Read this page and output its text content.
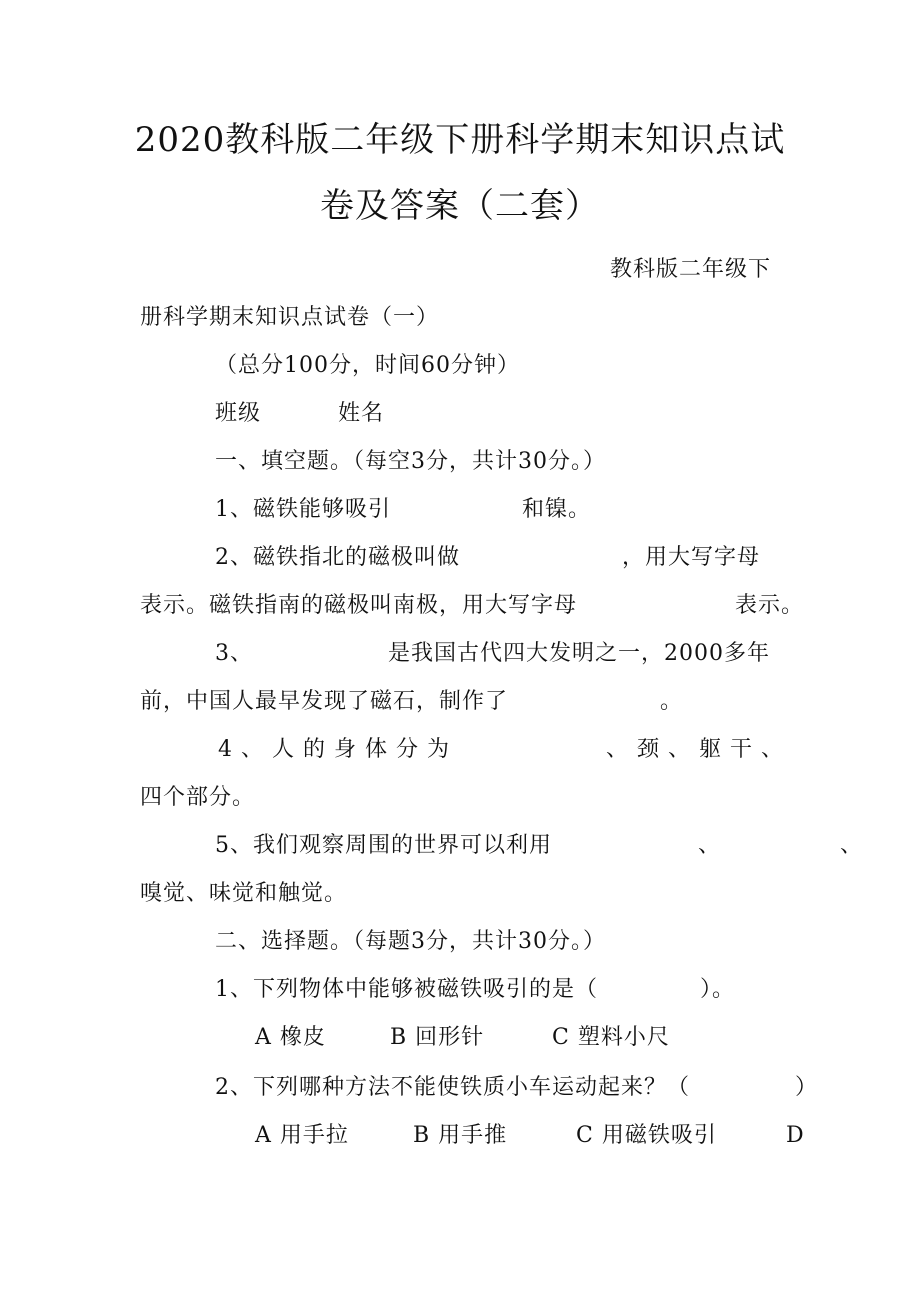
2020教科版二年级下册科学期末知识点试
卷及答案（二套）
教科版二年级下
册科学期末知识点试卷（一）
（总分100分，时间60分钟）
班级	姓名
一、填空题。（每空3分，共计30分。）
1、磁铁能够吸引	和镍。
2、磁铁指北的磁极叫做	，用大写字母
表示。磁铁指南的磁极叫南极，用大写字母	表示。
3、	是我国古代四大发明之一，2000多年
前，中国人最早发现了磁石，制作了	。
4、人的身体分为	、颈、躯干、
四个部分。
5、我们观察周围的世界可以利用	、	、
嗅觉、味觉和触觉。
二、选择题。（每题3分，共计30分。）
1、下列物体中能够被磁铁吸引的是（	）。
A 橡皮	B 回形针	C 塑料小尺
2、下列哪种方法不能使铁质小车运动起来？（	）
A 用手拉	B 用手推	C 用磁铁吸引	D
